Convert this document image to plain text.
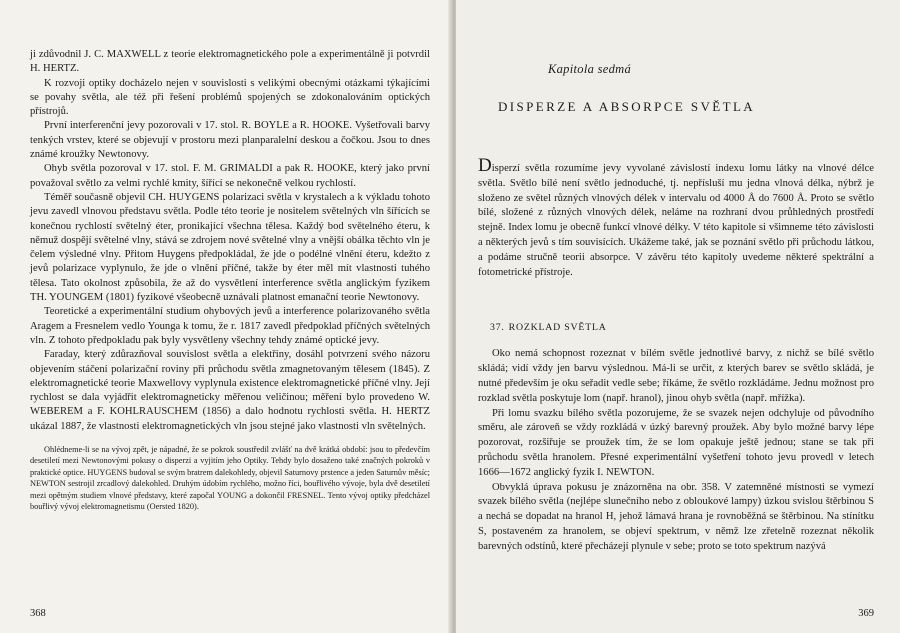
ji zdůvodnil J. C. MAXWELL z teorie elektromagnetického pole a experimentálně ji potvrdil H. HERTZ.

K rozvoji optiky docházelo nejen v souvislosti s velikými obecnými otázkami týkajícími se povahy světla, ale též při řešení problémů spojených se zdokonalováním optických přístrojů.

První interferenční jevy pozorovali v 17. stol. R. BOYLE a R. HOOKE. Vyšetřovali barvy tenkých vrstev, které se objevují v prostoru mezi planparalelní deskou a čočkou. Jsou to dnes známé kroužky Newtonovy.

Ohyb světla pozoroval v 17. stol. F. M. GRIMALDI a pak R. HOOKE, který jako první považoval světlo za velmi rychlé kmity, šířící se nekonečně velkou rychlostí.

Téměř současně objevil CH. HUYGENS polarizaci světla v krystalech a k výkladu tohoto jevu zavedl vlnovou představu světla. Podle této teorie je nositelem světelných vln šířících se konečnou rychlostí světelný éter, pronikající všechna tělesa. Každý bod světelného éteru, k němuž dospějí světelné vlny, stává se zdrojem nové světelné vlny a vnější obálka těchto vln je čelem výsledné vlny. Přitom Huygens předpokládal, že jde o podélné vlnění éteru, kdežto z jevů polarizace vyplynulo, že jde o vlnění příčné, takže by éter měl mít vlastnosti tuhého tělesa. Tato okolnost způsobila, že až do vysvětlení interference světla anglickým fyzikem TH. YOUNGEM (1801) fyzikové všeobecně uznávali platnost emanační teorie Newtonovy.

Teoretické a experimentální studium ohybových jevů a interference polarizovaného světla Aragem a Fresnelem vedlo Younga k tomu, že r. 1817 zavedl předpoklad příčných světelných vln. Z tohoto předpokladu pak byly vysvětleny všechny tehdy známé optické jevy.

Faraday, který zdůrazňoval souvislost světla a elektřiny, dosáhl potvrzení svého názoru objevením stáčení polarizační roviny při průchodu světla zmagnetovaným tělesem (1845). Z elektromagnetické teorie Maxwellovy vyplynula existence elektromagnetické příčné vlny. Její rychlost se dala vyjádřit elektromagneticky měřenou veličinou; měření bylo provedeno W. WEBEREM a F. KOHLRAUSCHEM (1856) a dalo hodnotu rychlosti světla. H. HERTZ ukázal 1887, že vlastnosti elektromagnetických vln jsou stejné jako vlastnosti vln světelných.

Ohlédneme-li se na vývoj zpět, je nápadné, že se pokrok soustředil zvlášť na dvě krátká období: jsou to předevčím desetiletí mezi Newtonovými pokusy o disperzi a vyjitím jeho Optiky. Tehdy bylo dosaženo také značných pokroků v praktické optice. HUYGENS budoval se svým bratrem dalekohledy, objevil Saturnovy prstence a jeden Saturnův měsíc; NEWTON sestrojil zrcadlový dalekohled. Druhým údobím rychlého, možno říci, bouřlivého vývoje, byla dvě desetiletí mezi opětným studiem vlnové představy, které započal YOUNG a dokončil FRESNEL. Tento vývoj optiky předcházel bouřlivý vývoj elektromagnetismu (Oersted 1820).

368
Kapitola sedmá
DISPERZE A ABSORPCE SVĚTLA

Disperzí světla rozumíme jevy vyvolané závislostí indexu lomu látky na vlnové délce světla. Světlo bílé není světlo jednoduché, tj. nepřísluší mu jedna vlnová délka, nýbrž je složeno ze světel různých vlnových délek v intervalu od 4000 Å do 7600 Å. Proto se světlo bílé, složené z různých vlnových délek, neláme na rozhraní dvou průhledných prostředí stejně. Index lomu je obecně funkcí vlnové délky. V této kapitole si všimneme této závislosti a některých jevů s tím souvisících. Ukážeme také, jak se poznání světlo při průchodu látkou, a podáme stručně teorii absorpce. V závěru této kapitoly uvedeme některé spektrální a fotometrické přístroje.

37. ROZKLAD SVĚTLA

Oko nemá schopnost rozeznat v bílém světle jednotlivé barvy, z nichž se bílé světlo skládá; vidí vždy jen barvu výslednou. Má-li se určit, z kterých barev se světlo skládá, je nutné především je oku seřadit vedle sebe; říkáme, že světlo rozkládáme. Jednu možnost pro rozklad světla poskytuje lom (např. hranol), jinou ohyb světla (např. mřížka).

Při lomu svazku bílého světla pozorujeme, že se svazek nejen odchyluje od původního směru, ale zároveň se vždy rozkládá v úzký barevný proužek. Aby bylo možné barvy lépe pozorovat, rozšiřuje se proužek tím, že se lom opakuje ještě jednou; stane se tak při průchodu světla hranolem. Přesné experimentální vyšetření tohoto jevu provedl v letech 1666—1672 anglický fyzik I. NEWTON.

Obvyklá úprava pokusu je znázorněna na obr. 358. V zatemněné místnosti se vymezí svazek bílého světla (nejlépe slunečního nebo z obloukové lampy) úzkou svislou štěrbinou S a nechá se dopadat na hranol H, jehož lámavá hrana je rovnoběžná se štěrbinou. Na stínítku S, postaveném za hranolem, se objeví spektrum, v němž lze zřetelně rozeznat několik barevných odstínů, které přecházejí plynule v sebe; proto se toto spektrum nazývá

369
